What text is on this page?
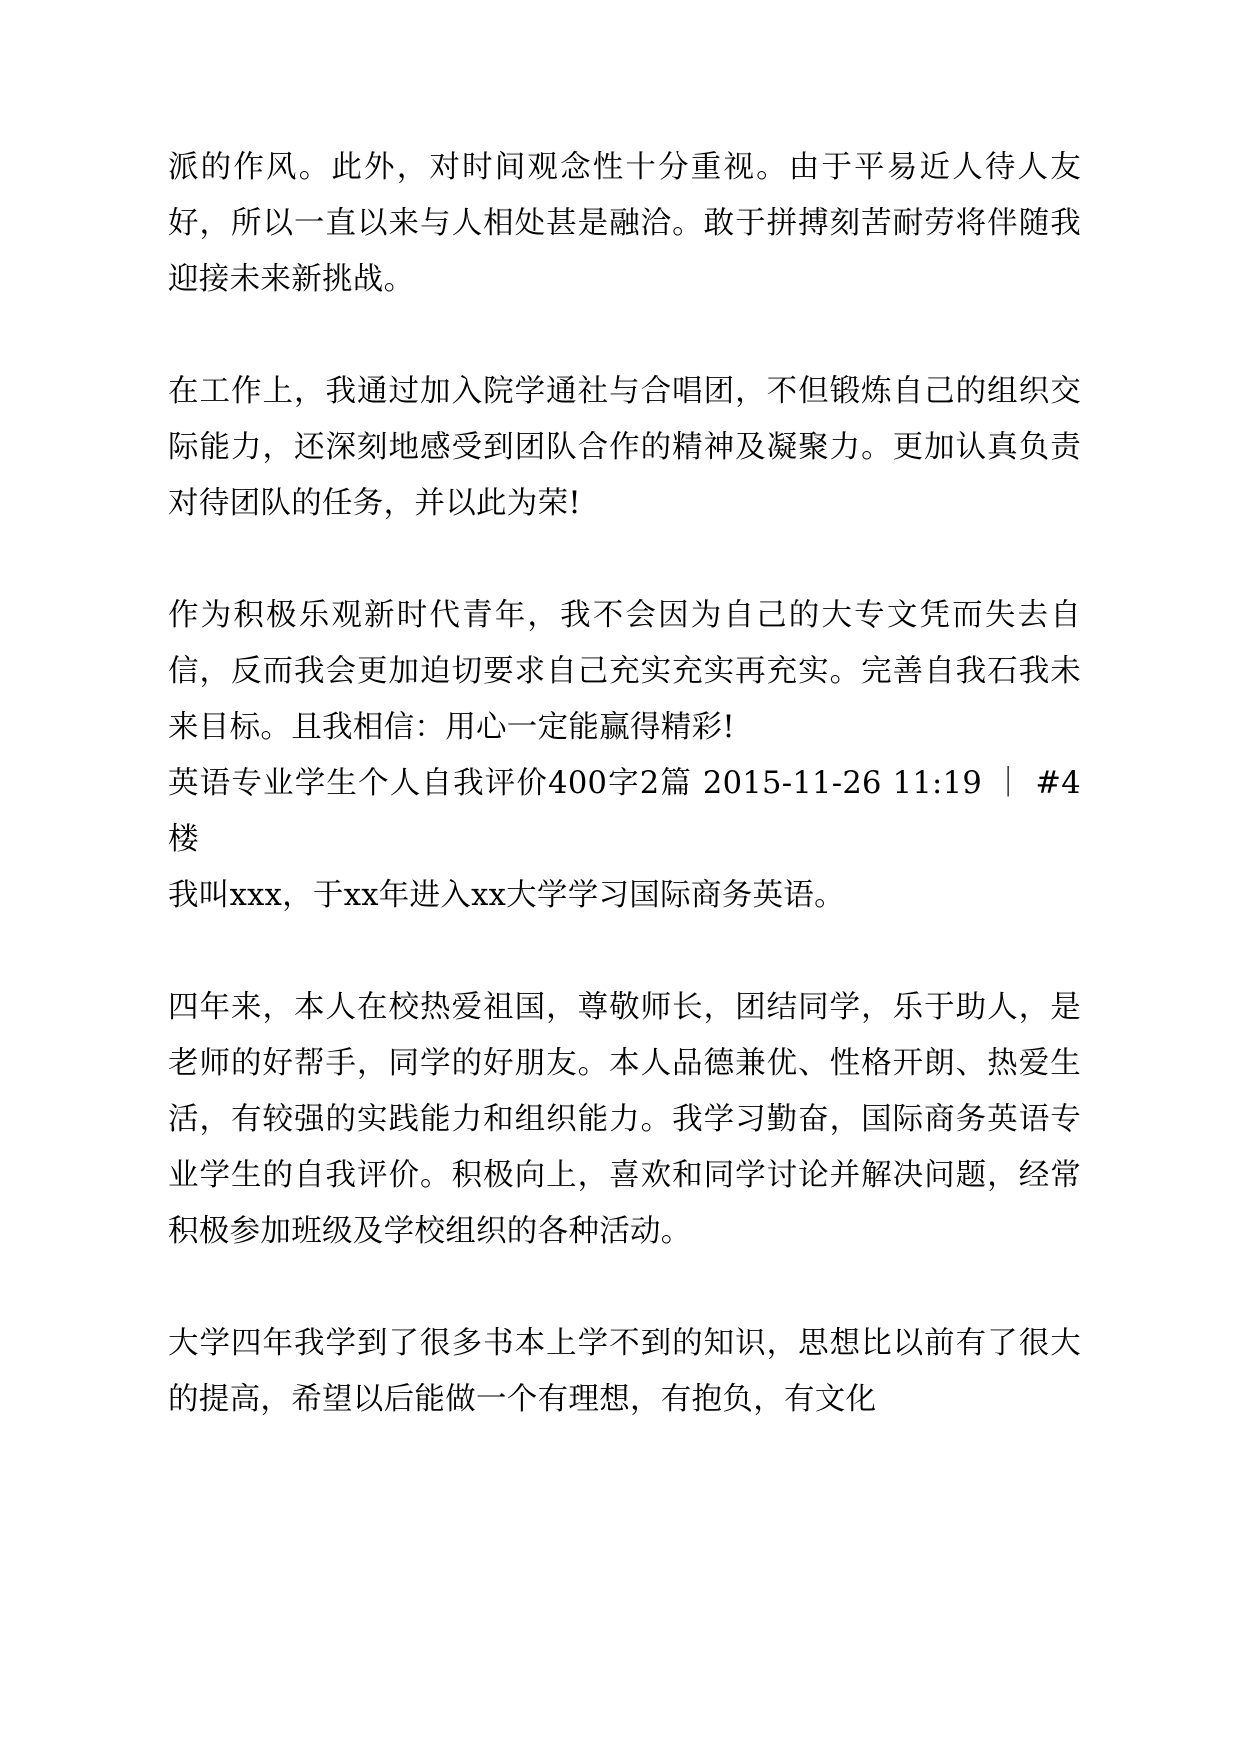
派的作风。此外，对时间观念性十分重视。由于平易近人待人友好，所以一直以来与人相处甚是融洽。敢于拼搏刻苦耐劳将伴随我迎接未来新挑战。

在工作上，我通过加入院学通社与合唱团，不但锻炼自己的组织交际能力，还深刻地感受到团队合作的精神及凝聚力。更加认真负责对待团队的任务，并以此为荣!

作为积极乐观新时代青年，我不会因为自己的大专文凭而失去自信，反而我会更加迫切要求自己充实充实再充实。完善自我石我未来目标。且我相信：用心一定能赢得精彩!

英语专业学生个人自我评价400字2篇 2015-11-26 11:19 ｜ #4 楼

我叫xxx，于xx年进入xx大学学习国际商务英语。

四年来，本人在校热爱祖国，尊敬师长，团结同学，乐于助人，是老师的好帮手，同学的好朋友。本人品德兼优、性格开朗、热爱生活，有较强的实践能力和组织能力。我学习勤奋，国际商务英语专业学生的自我评价。积极向上，喜欢和同学讨论并解决问题，经常积极参加班级及学校组织的各种活动。

大学四年我学到了很多书本上学不到的知识，思想比以前有了很大的提高，希望以后能做一个有理想，有抱负，有文化
